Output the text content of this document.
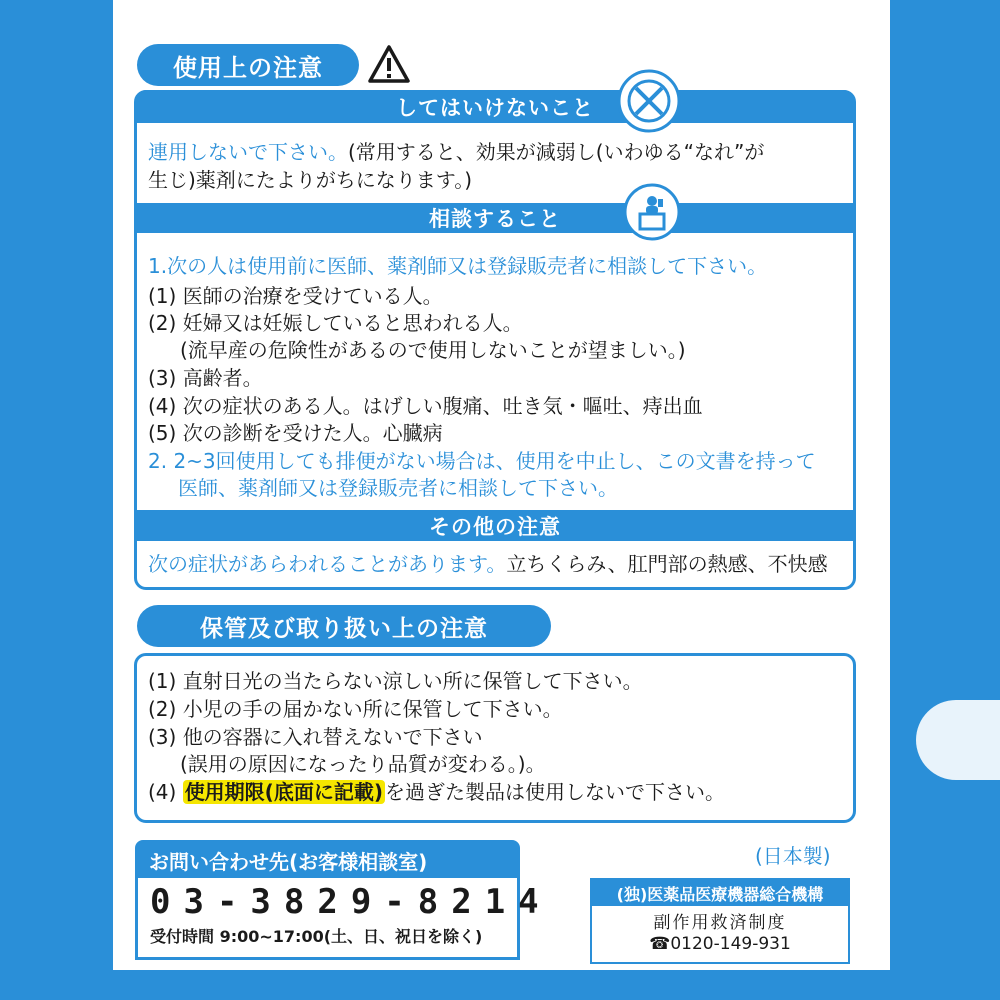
使用上の注意
してはいけないこと
連用しないで下さい。(常用すると、効果が減弱し(いわゆる“なれ”が
生じ)薬剤にたよりがちになります。)
相談すること
1.次の人は使用前に医師、薬剤師又は登録販売者に相談して下さい。
(1) 医師の治療を受けている人。
(2) 妊婦又は妊娠していると思われる人。
(流早産の危険性があるので使用しないことが望ましい。)
(3) 高齢者。
(4) 次の症状のある人。はげしい腹痛、吐き気・嘔吐、痔出血
(5) 次の診断を受けた人。心臓病
2. 2~3回使用しても排便がない場合は、使用を中止し、この文書を持って
医師、薬剤師又は登録販売者に相談して下さい。
その他の注意
次の症状があらわれることがあります。立ちくらみ、肛門部の熱感、不快感
保管及び取り扱い上の注意
(1) 直射日光の当たらない涼しい所に保管して下さい。
(2) 小児の手の届かない所に保管して下さい。
(3) 他の容器に入れ替えないで下さい
(誤用の原因になったり品質が変わる。)。
(4) 使用期限(底面に記載) を過ぎた製品は使用しないで下さい。
お問い合わせ先(お客様相談室)
03-3829-8214
受付時間 9:00~17:00(土、日、祝日を除く)
(日本製)
(独)医薬品医療機器総合機構
副作用救済制度
☎0120-149-931
